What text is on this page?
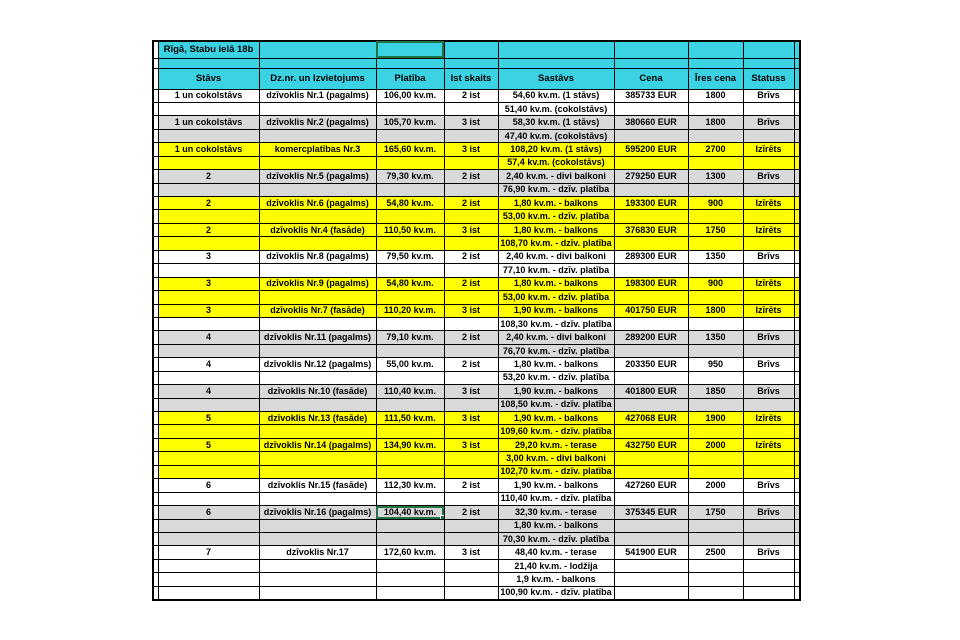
	Rīgā, Stabu ielā 18b								

	Stāvs	Dz.nr. un Izvietojums	Platība	Ist skaits	Sastāvs	Cena	Īres cena	Statuss	
	1 un cokolstāvs	dzīvoklis Nr.1 (pagalms)	106,00 kv.m.	2 ist	54,60 kv.m. (1 stāvs)	385733 EUR	1800	Brīvs	
					51,40 kv.m. (cokolstāvs)				
	1 un cokolstāvs	dzīvoklis Nr.2 (pagalms)	105,70 kv.m.	3 ist	58,30 kv.m. (1 stāvs)	380660 EUR	1800	Brīvs	
					47,40 kv.m. (cokolstāvs)				
	1 un cokolstāvs	komercplatības Nr.3	165,60 kv.m.	3 ist	108,20 kv.m. (1 stāvs)	595200 EUR	2700	Izīrēts	
					57,4 kv.m. (cokolstāvs)				
	2	dzīvoklis Nr.5 (pagalms)	79,30 kv.m.	2 ist	2,40 kv.m. - divi balkoni	279250 EUR	1300	Brīvs	
					76,90 kv.m. - dzīv. platība				
	2	dzīvoklis Nr.6 (pagalms)	54,80 kv.m.	2 ist	1,80 kv.m. - balkons	193300 EUR	900	Izīrēts	
					53,00 kv.m. - dzīv. platība				
	2	dzīvoklis Nr.4 (fasāde)	110,50 kv.m.	3 ist	1,80 kv.m. - balkons	376830 EUR	1750	Izīrēts	
					108,70 kv.m. - dzīv. platība				
	3	dzīvoklis Nr.8 (pagalms)	79,50 kv.m.	2 ist	2,40 kv.m. - divi balkoni	289300 EUR	1350	Brīvs	
					77,10 kv.m. - dzīv. platība				
	3	dzīvoklis Nr.9 (pagalms)	54,80 kv.m.	2 ist	1,80 kv.m. - balkons	198300 EUR	900	Izīrēts	
					53,00 kv.m. - dzīv. platība				
	3	dzīvoklis Nr.7 (fasāde)	110,20 kv.m.	3 ist	1,90 kv.m. - balkons	401750 EUR	1800	Izīrēts	
					108,30 kv.m. - dzīv. platība				
	4	dzīvoklis Nr.11 (pagalms)	79,10 kv.m.	2 ist	2,40 kv.m. - divi balkoni	289200 EUR	1350	Brīvs	
					76,70 kv.m. - dzīv. platība				
	4	dzīvoklis Nr.12 (pagalms)	55,00 kv.m.	2 ist	1,80 kv.m. - balkons	203350 EUR	950	Brīvs	
					53,20 kv.m. - dzīv. platība				
	4	dzīvoklis Nr.10 (fasāde)	110,40 kv.m.	3 ist	1,90 kv.m. - balkons	401800 EUR	1850	Brīvs	
					108,50 kv.m. - dzīv. platība				
	5	dzīvoklis Nr.13 (fasāde)	111,50 kv.m.	3 ist	1,90 kv.m. - balkons	427068 EUR	1900	Izīrēts	
					109,60 kv.m. - dzīv. platība				
	5	dzīvoklis Nr.14 (pagalms)	134,90 kv.m.	3 ist	29,20 kv.m. - terase	432750 EUR	2000	Izīrēts	
					3,00 kv.m. - divi balkoni				
					102,70 kv.m. - dzīv. platība				
	6	dzīvoklis Nr.15 (fasāde)	112,30 kv.m.	2 ist	1,90 kv.m. - balkons	427260 EUR	2000	Brīvs	
					110,40 kv.m. - dzīv. platība				
	6	dzīvoklis Nr.16 (pagalms)	104,40 kv.m.	2 ist	32,30 kv.m. - terase	375345 EUR	1750	Brīvs	
					1,80 kv.m. - balkons				
					70,30 kv.m. - dzīv. platība				
	7	dzīvoklis Nr.17	172,60 kv.m.	3 ist	48,40 kv.m. - terase	541900 EUR	2500	Brīvs	
					21,40 kv.m. - lodžija				
					1,9 kv.m. - balkons				
					100,90 kv.m. - dzīv. platība				
